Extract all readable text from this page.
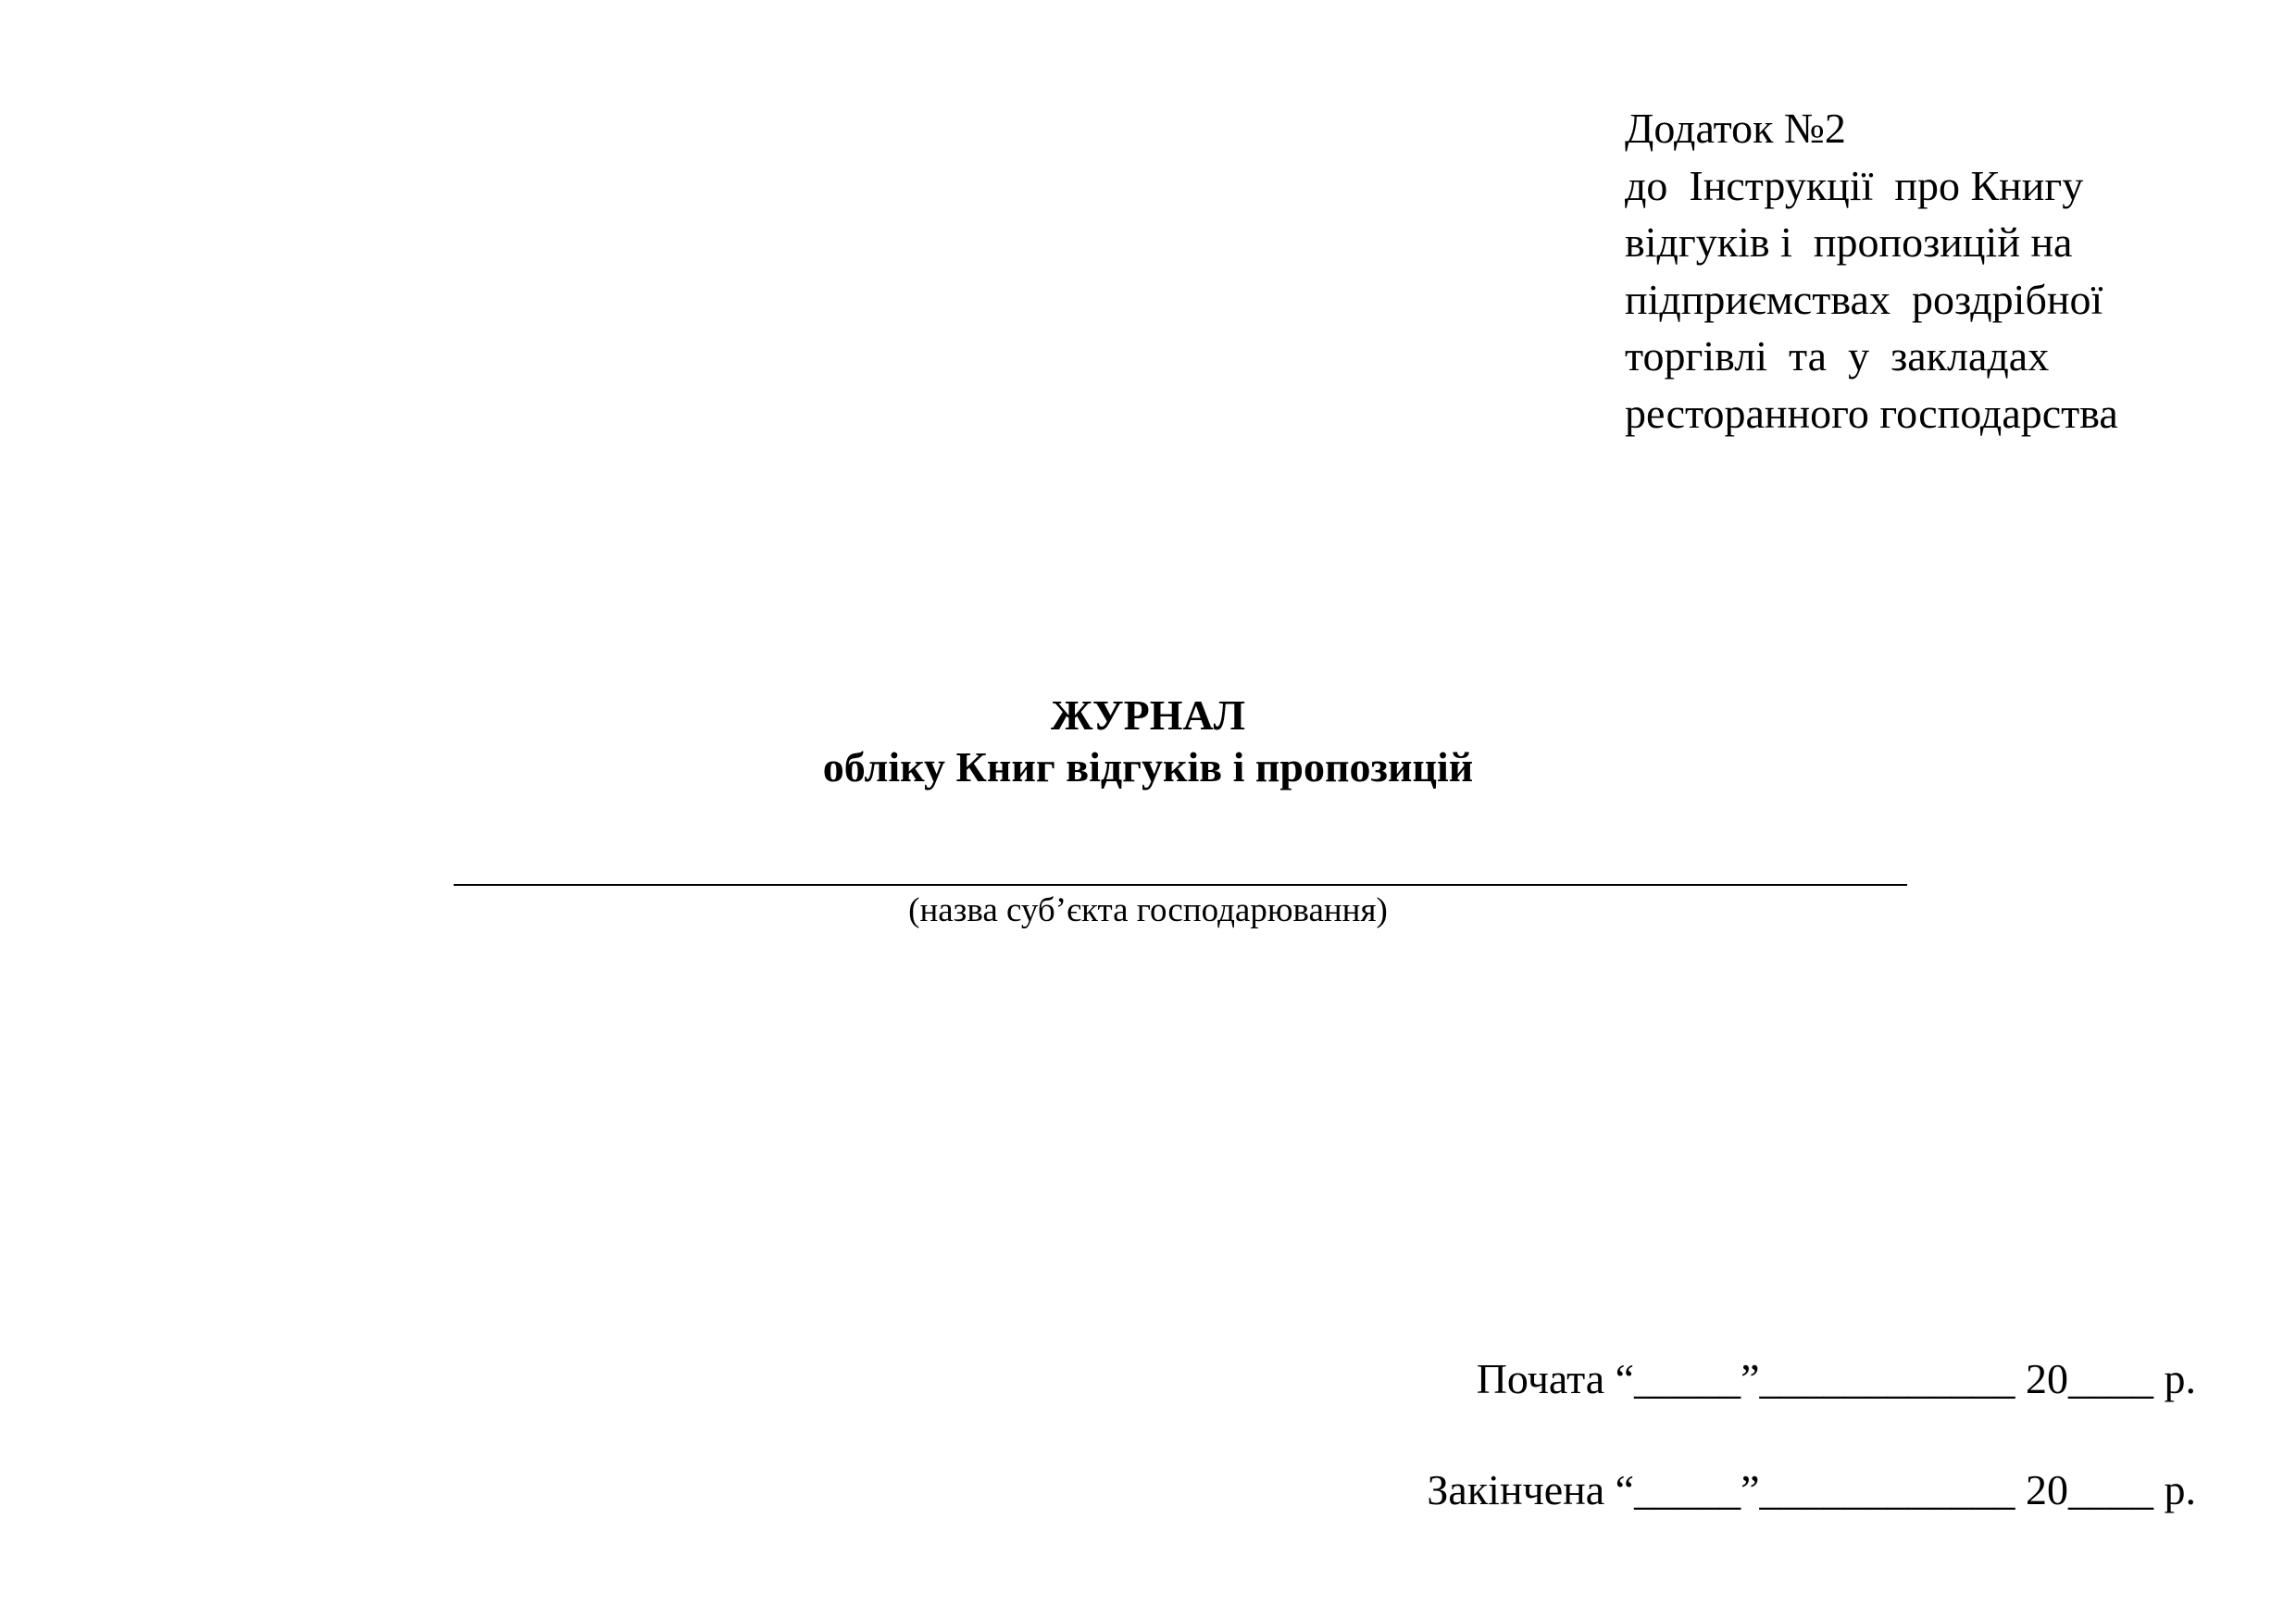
Додаток №2
до  Інструкції  про Книгу
відгуків і  пропозицій на
підприємствах  роздрібної
торгівлі  та  у  закладах
ресторанного господарства
ЖУРНАЛ
обліку Книг відгуків і пропозицій
(назва суб’єкта господарювання)
Почата “_____”____________ 20____ р.
Закінчена “_____”____________ 20____ р.
